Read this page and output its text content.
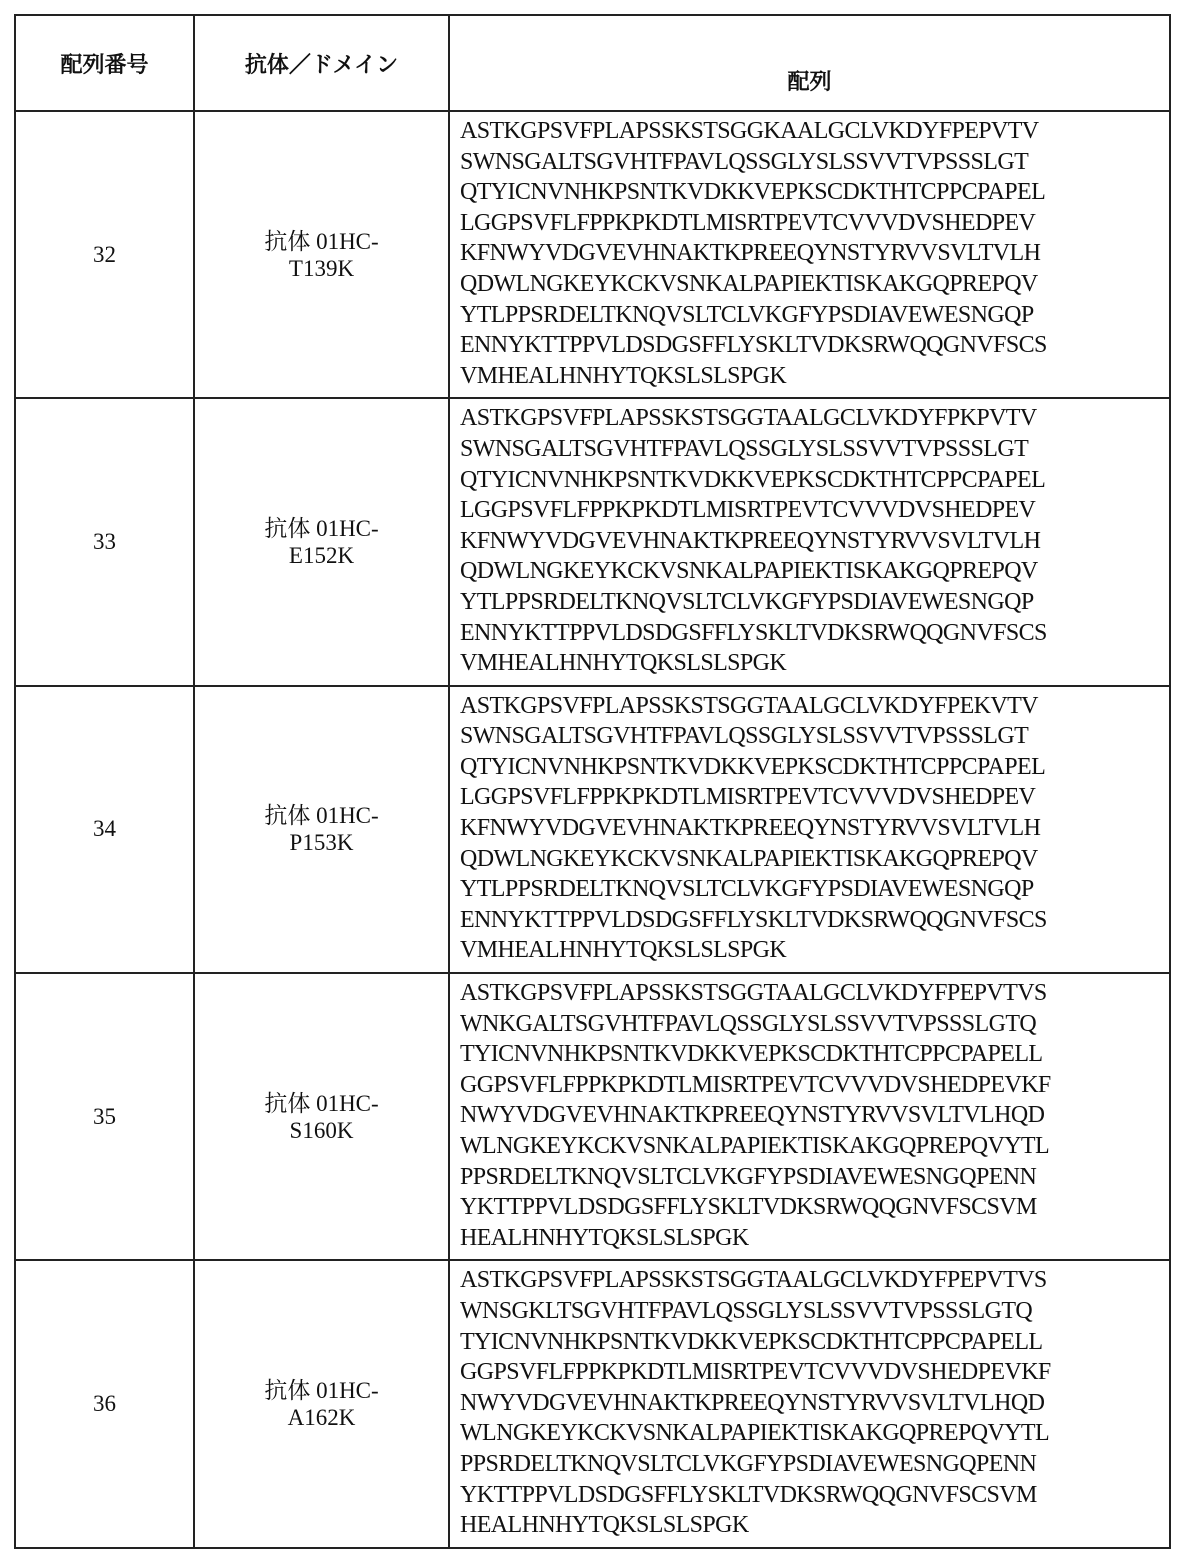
配列番号	抗体／ドメイン	配列
32	
抗体 01HC-
T139K

ASTKGPSVFPLAPSSKSTSGGKAALGCLVKDYFPEPVTV
SWNSGALTSGVHTFPAVLQSSGLYSLSSVVTVPSSSLGT
QTYICNVNHKPSNTKVDKKVEPKSCDKTHTCPPCPAPEL
LGGPSVFLFPPKPKDTLMISRTPEVTCVVVDVSHEDPEV
KFNWYVDGVEVHNAKTKPREEQYNSTYRVVSVLTVLH
QDWLNGKEYKCKVSNKALPAPIEKTISKAKGQPREPQV
YTLPPSRDELTKNQVSLTCLVKGFYPSDIAVEWESNGQP
ENNYKTTPPVLDSDGSFFLYSKLTVDKSRWQQGNVFSCS
VMHEALHNHYTQKSLSLSPGK

33	
抗体 01HC-
E152K

ASTKGPSVFPLAPSSKSTSGGTAALGCLVKDYFPKPVTV
SWNSGALTSGVHTFPAVLQSSGLYSLSSVVTVPSSSLGT
QTYICNVNHKPSNTKVDKKVEPKSCDKTHTCPPCPAPEL
LGGPSVFLFPPKPKDTLMISRTPEVTCVVVDVSHEDPEV
KFNWYVDGVEVHNAKTKPREEQYNSTYRVVSVLTVLH
QDWLNGKEYKCKVSNKALPAPIEKTISKAKGQPREPQV
YTLPPSRDELTKNQVSLTCLVKGFYPSDIAVEWESNGQP
ENNYKTTPPVLDSDGSFFLYSKLTVDKSRWQQGNVFSCS
VMHEALHNHYTQKSLSLSPGK

34	
抗体 01HC-
P153K

ASTKGPSVFPLAPSSKSTSGGTAALGCLVKDYFPEKVTV
SWNSGALTSGVHTFPAVLQSSGLYSLSSVVTVPSSSLGT
QTYICNVNHKPSNTKVDKKVEPKSCDKTHTCPPCPAPEL
LGGPSVFLFPPKPKDTLMISRTPEVTCVVVDVSHEDPEV
KFNWYVDGVEVHNAKTKPREEQYNSTYRVVSVLTVLH
QDWLNGKEYKCKVSNKALPAPIEKTISKAKGQPREPQV
YTLPPSRDELTKNQVSLTCLVKGFYPSDIAVEWESNGQP
ENNYKTTPPVLDSDGSFFLYSKLTVDKSRWQQGNVFSCS
VMHEALHNHYTQKSLSLSPGK

35	
抗体 01HC-
S160K

ASTKGPSVFPLAPSSKSTSGGTAALGCLVKDYFPEPVTVS
WNKGALTSGVHTFPAVLQSSGLYSLSSVVTVPSSSLGTQ
TYICNVNHKPSNTKVDKKVEPKSCDKTHTCPPCPAPELL
GGPSVFLFPPKPKDTLMISRTPEVTCVVVDVSHEDPEVKF
NWYVDGVEVHNAKTKPREEQYNSTYRVVSVLTVLHQD
WLNGKEYKCKVSNKALPAPIEKTISKAKGQPREPQVYTL
PPSRDELTKNQVSLTCLVKGFYPSDIAVEWESNGQPENN
YKTTPPVLDSDGSFFLYSKLTVDKSRWQQGNVFSCSVM
HEALHNHYTQKSLSLSPGK

36	
抗体 01HC-
A162K

ASTKGPSVFPLAPSSKSTSGGTAALGCLVKDYFPEPVTVS
WNSGKLTSGVHTFPAVLQSSGLYSLSSVVTVPSSSLGTQ
TYICNVNHKPSNTKVDKKVEPKSCDKTHTCPPCPAPELL
GGPSVFLFPPKPKDTLMISRTPEVTCVVVDVSHEDPEVKF
NWYVDGVEVHNAKTKPREEQYNSTYRVVSVLTVLHQD
WLNGKEYKCKVSNKALPAPIEKTISKAKGQPREPQVYTL
PPSRDELTKNQVSLTCLVKGFYPSDIAVEWESNGQPENN
YKTTPPVLDSDGSFFLYSKLTVDKSRWQQGNVFSCSVM
HEALHNHYTQKSLSLSPGK
